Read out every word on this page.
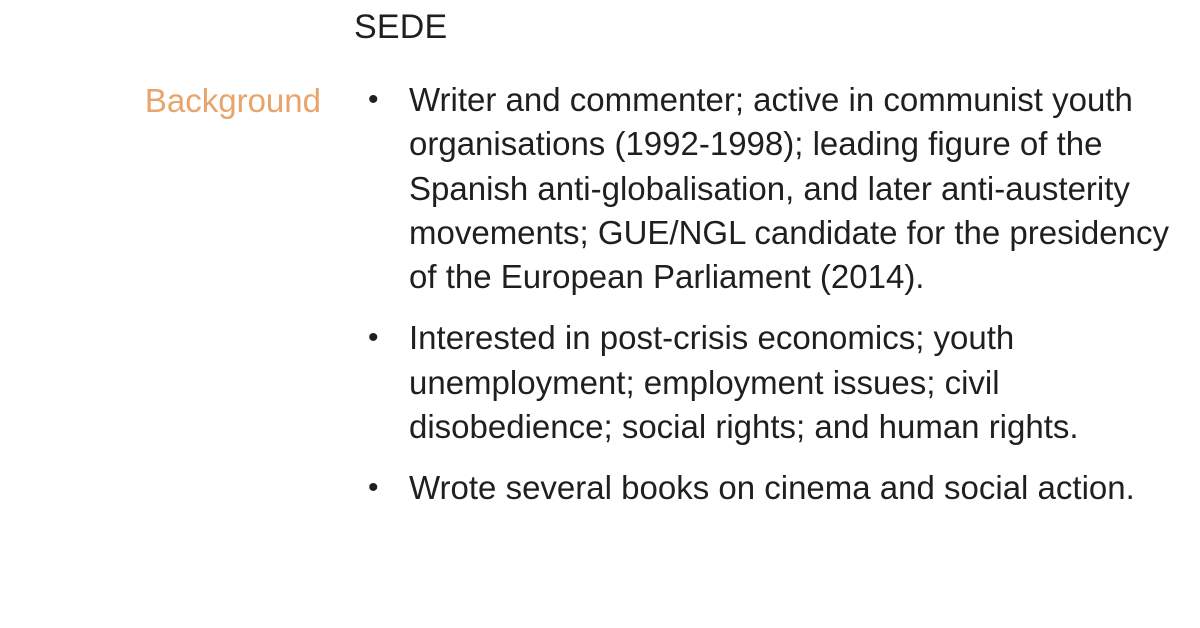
SEDE
Background • Writer and commenter; active in communist youth organisations (1992-1998); leading figure of the Spanish anti-globalisation, and later anti-austerity movements; GUE/NGL candidate for the presidency of the European Parliament (2014).
• Interested in post-crisis economics; youth unemployment; employment issues; civil disobedience; social rights; and human rights.
• Wrote several books on cinema and social action.
